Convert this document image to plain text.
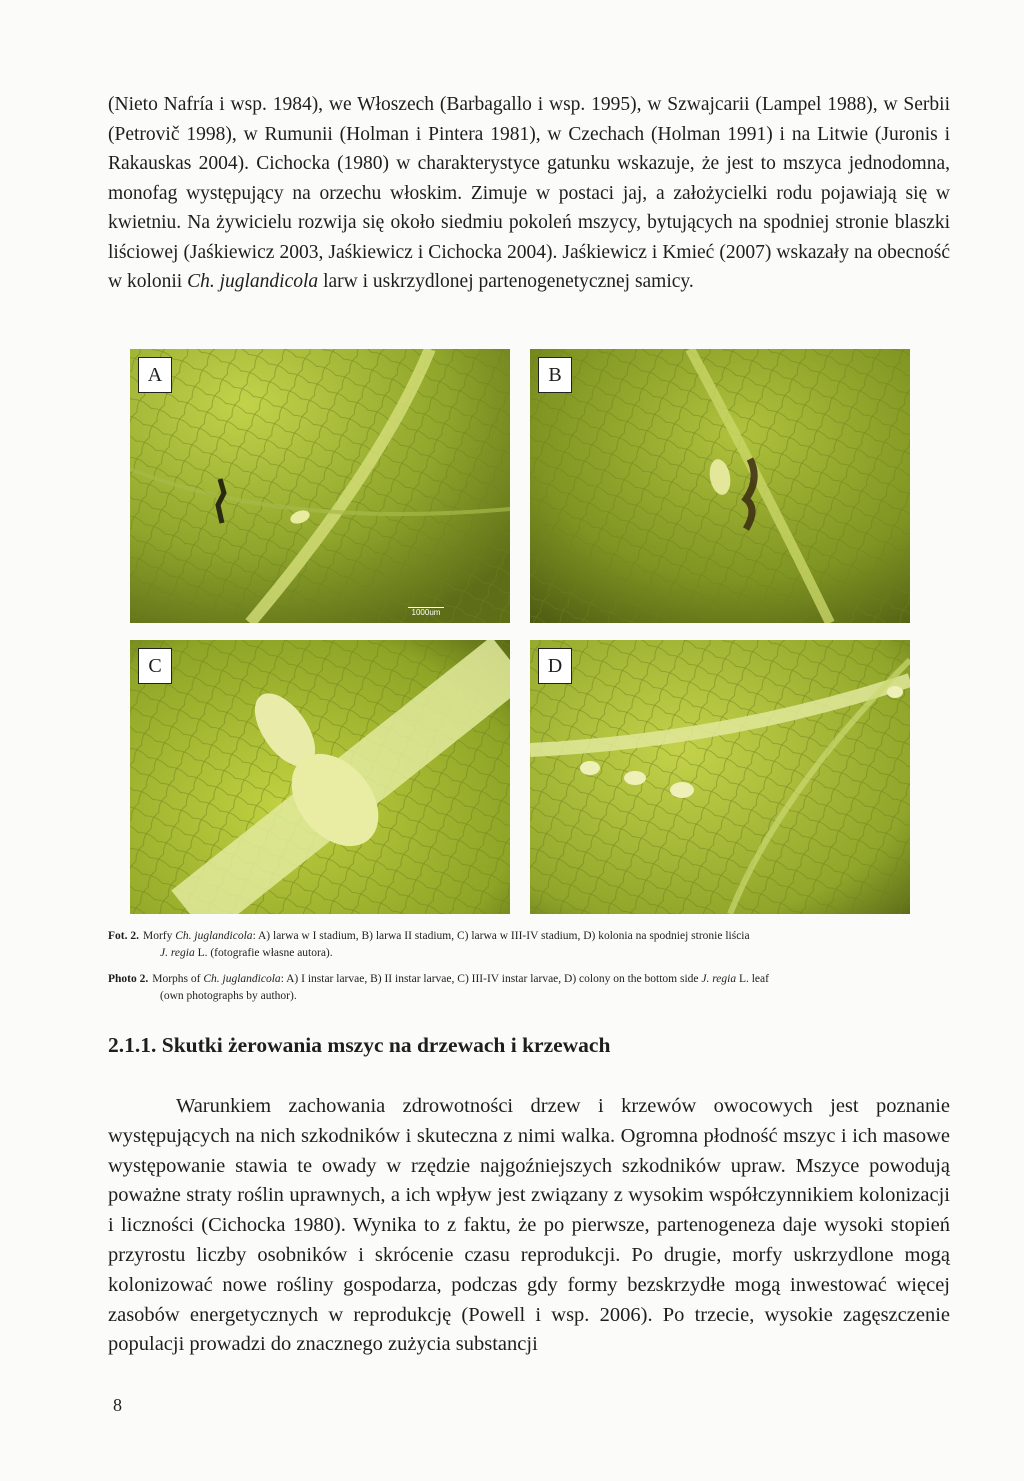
(Nieto Nafría i wsp. 1984), we Włoszech (Barbagallo i wsp. 1995), w Szwajcarii (Lampel 1988), w Serbii (Petrovič 1998), w Rumunii (Holman i Pintera 1981), w Czechach (Holman 1991) i na Litwie (Juronis i Rakauskas 2004). Cichocka (1980) w charakterystyce gatunku wskazuje, że jest to mszyca jednodomna, monofag występujący na orzechu włoskim. Zimuje w postaci jaj, a założycielki rodu pojawiają się w kwietniu. Na żywicielu rozwija się około siedmiu pokoleń mszycy, bytujących na spodniej stronie blaszki liściowej (Jaśkiewicz 2003, Jaśkiewicz i Cichocka 2004). Jaśkiewicz i Kmieć (2007) wskazały na obecność w kolonii Ch. juglandicola larw i uskrzydlonej partenogenetycznej samicy.

A
1000um
B
C	D

Fot. 2. Morfy Ch. juglandicola: A) larwa w I stadium, B) larwa II stadium, C) larwa w III-IV stadium, D) kolonia na spodniej stronie liścia
J. regia L. (fotografie własne autora).

Photo 2. Morphs of Ch. juglandicola: A) I instar larvae, B) II instar larvae, C) III-IV instar larvae, D) colony on the bottom side J. regia L. leaf
(own photographs by author).

2.1.1. Skutki żerowania mszyc na drzewach i krzewach

Warunkiem zachowania zdrowotności drzew i krzewów owocowych jest poznanie występujących na nich szkodników i skuteczna z nimi walka. Ogromna płodność mszyc i ich masowe występowanie stawia te owady w rzędzie najgoźniejszych szkodników upraw. Mszyce powodują poważne straty roślin uprawnych, a ich wpływ jest związany z wysokim współczynnikiem kolonizacji i liczności (Cichocka 1980). Wynika to z faktu, że po pierwsze, partenogeneza daje wysoki stopień przyrostu liczby osobników i skrócenie czasu reprodukcji. Po drugie, morfy uskrzydlone mogą kolonizować nowe rośliny gospodarza, podczas gdy formy bezskrzydłe mogą inwestować więcej zasobów energetycznych w reprodukcję (Powell i wsp. 2006). Po trzecie, wysokie zagęszczenie populacji prowadzi do znacznego zużycia substancji

8
